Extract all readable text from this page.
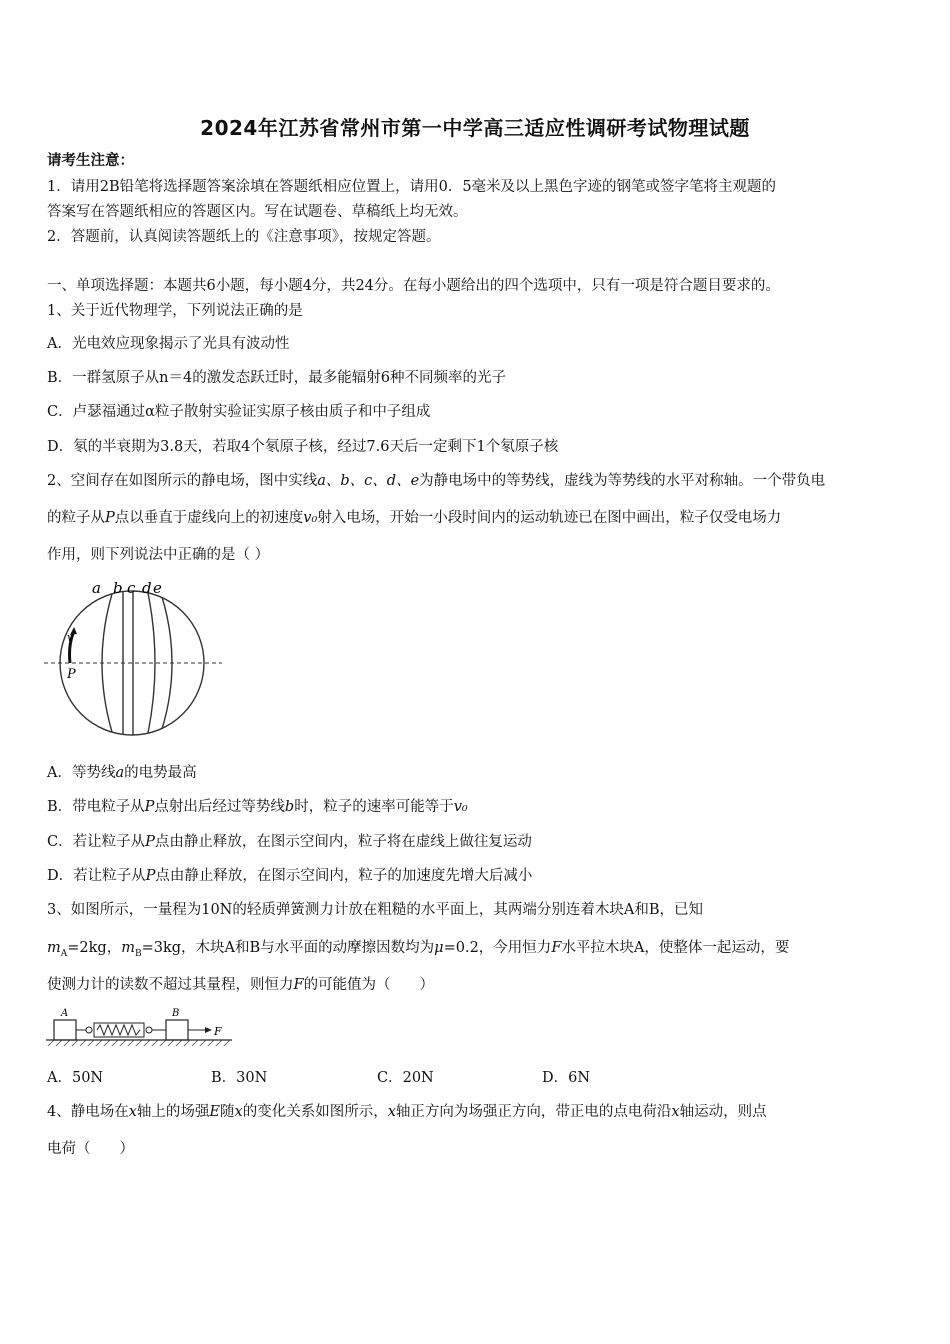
2024年江苏省常州市第一中学高三适应性调研考试物理试题
请考生注意：
1．请用2B铅笔将选择题答案涂填在答题纸相应位置上，请用0．5毫米及以上黑色字迹的钢笔或签字笔将主观题的
答案写在答题纸相应的答题区内。写在试题卷、草稿纸上均无效。
2．答题前，认真阅读答题纸上的《注意事项》，按规定答题。
一、单项选择题：本题共6小题，每小题4分，共24分。在每小题给出的四个选项中，只有一项是符合题目要求的。
1、关于近代物理学，下列说法正确的是
A．光电效应现象揭示了光具有波动性
B．一群氢原子从n＝4的激发态跃迁时，最多能辐射6种不同频率的光子
C．卢瑟福通过α粒子散射实验证实原子核由质子和中子组成
D．氡的半衰期为3.8天，若取4个氡原子核，经过7.6天后一定剩下1个氡原子核
2、空间存在如图所示的静电场，图中实线a、b、c、d、e为静电场中的等势线，虚线为等势线的水平对称轴。一个带负电
的粒子从P点以垂直于虚线向上的初速度v₀射入电场，开始一小段时间内的运动轨迹已在图中画出，粒子仅受电场力
作用，则下列说法中正确的是（ ）
a b c d e
v
P
A．等势线a的电势最高
B．带电粒子从P点射出后经过等势线b时，粒子的速率可能等于v₀
C．若让粒子从P点由静止释放，在图示空间内，粒子将在虚线上做往复运动
D．若让粒子从P点由静止释放，在图示空间内，粒子的加速度先增大后减小
3、如图所示，一量程为10N的轻质弹簧测力计放在粗糙的水平面上，其两端分别连着木块A和B，已知
$m_A=2kg$，$m_B=3kg$，木块A和B与水平面的动摩擦因数均为μ=0.2，今用恒力F水平拉木块A，使整体一起运动，要
使测力计的读数不超过其量程，则恒力F的可能值为（　　）
A	B
F
A．50N	B．30N	C．20N	D．6N
4、静电场在x轴上的场强E随x的变化关系如图所示，x轴正方向为场强正方向，带正电的点电荷沿x轴运动，则点
电荷（　　）
